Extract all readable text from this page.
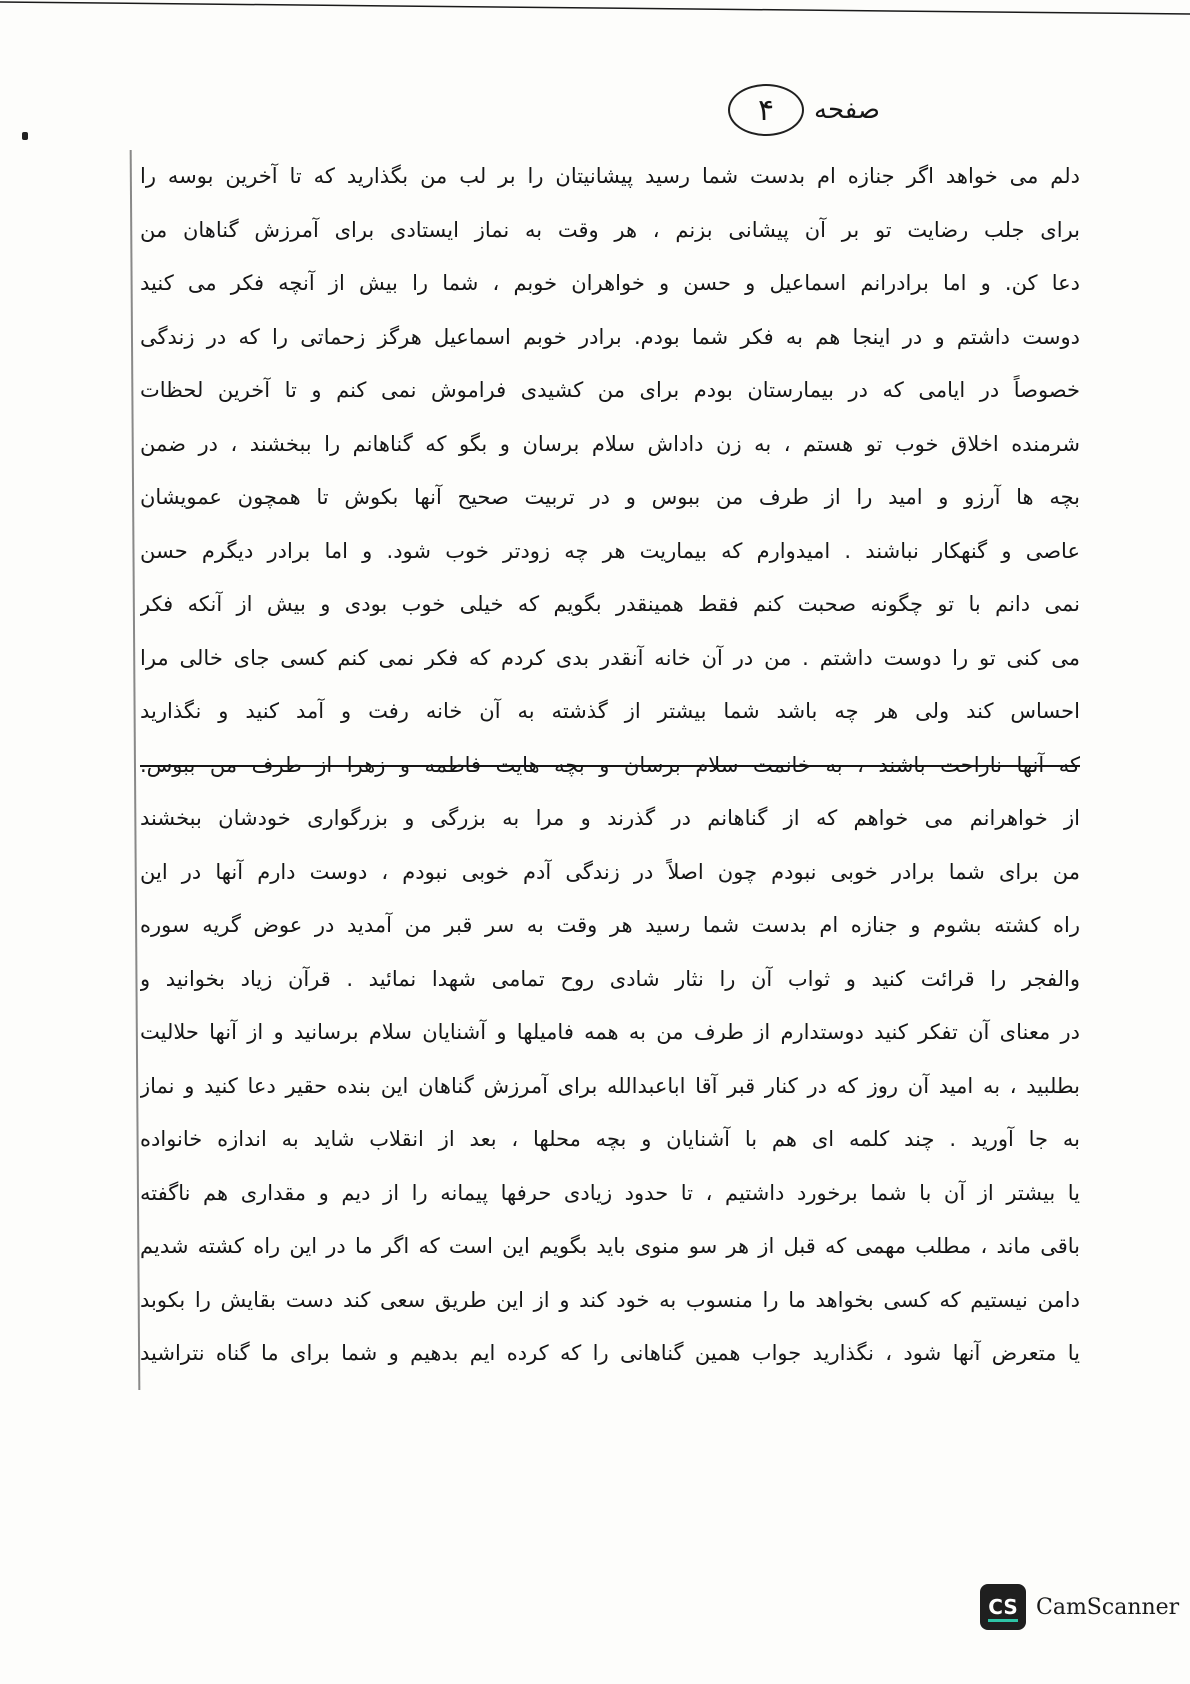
صفحه
۴
دلم می خواهد اگر جنازه ام بدست شما رسید پیشانیتان را بر لب من بگذارید که تا آخرین بوسه را
برای جلب رضایت تو بر آن پیشانی بزنم ، هر وقت به نماز ایستادی برای آمرزش گناهان من
دعا کن. و اما برادرانم اسماعیل و حسن و خواهران خوبم ، شما را بیش از آنچه فکر می کنید
دوست داشتم و در اینجا هم به فکر شما بودم. برادر خوبم اسماعیل هرگز زحماتی را که در زندگی
خصوصاً در ایامی که در بیمارستان بودم برای من کشیدی فراموش نمی کنم و تا آخرین لحظات
شرمنده اخلاق خوب تو هستم ، به زن داداش سلام برسان و بگو که گناهانم را ببخشند ، در ضمن
بچه ها آرزو و امید را از طرف من ببوس و در تربیت صحیح آنها بکوش تا همچون عمویشان
عاصی و گنهکار نباشند . امیدوارم که بیماریت هر چه زودتر خوب شود. و اما برادر دیگرم حسن
نمی دانم با تو چگونه صحبت کنم فقط همینقدر بگویم که خیلی خوب بودی و بیش از آنکه فکر
می کنی تو را دوست داشتم . من در آن خانه آنقدر بدی کردم که فکر نمی کنم کسی جای خالی مرا
احساس کند ولی هر چه باشد شما بیشتر از گذشته به آن خانه رفت و آمد کنید و نگذارید
که آنها ناراحت باشند ، به خانمت سلام برسان و بچه هایت فاطمه و زهرا از طرف من ببوس.
از خواهرانم می خواهم که از گناهانم در گذرند و مرا به بزرگی و بزرگواری خودشان ببخشند
من برای شما برادر خوبی نبودم چون اصلاً در زندگی آدم خوبی نبودم ، دوست دارم آنها در این
راه کشته بشوم و جنازه ام بدست شما رسید هر وقت به سر قبر من آمدید در عوض گریه سوره
والفجر را قرائت کنید و ثواب آن را نثار شادی روح تمامی شهدا نمائید . قرآن زیاد بخوانید و
در معنای آن تفکر کنید دوستدارم از طرف من به همه فامیلها و آشنایان سلام برسانید و از آنها حلالیت
بطلبید ، به امید آن روز که در کنار قبر آقا اباعبدالله برای آمرزش گناهان این بنده حقیر دعا کنید و نماز
به جا آورید . چند کلمه ای هم با آشنایان و بچه محلها ، بعد از انقلاب شاید به اندازه خانواده
یا بیشتر از آن با شما برخورد داشتیم ، تا حدود زیادی حرفها پیمانه را از دیم و مقداری هم ناگفته
باقی ماند ، مطلب مهمی که قبل از هر سو منوی باید بگویم این است که اگر ما در این راه کشته شدیم
دامن نیستیم که کسی بخواهد ما را منسوب به خود کند و از این طریق سعی کند دست بقایش را بکوبد
یا متعرض آنها شود ، نگذارید جواب همین گناهانی را که کرده ایم بدهیم و شما برای ما گناه نتراشید
CS CamScanner
